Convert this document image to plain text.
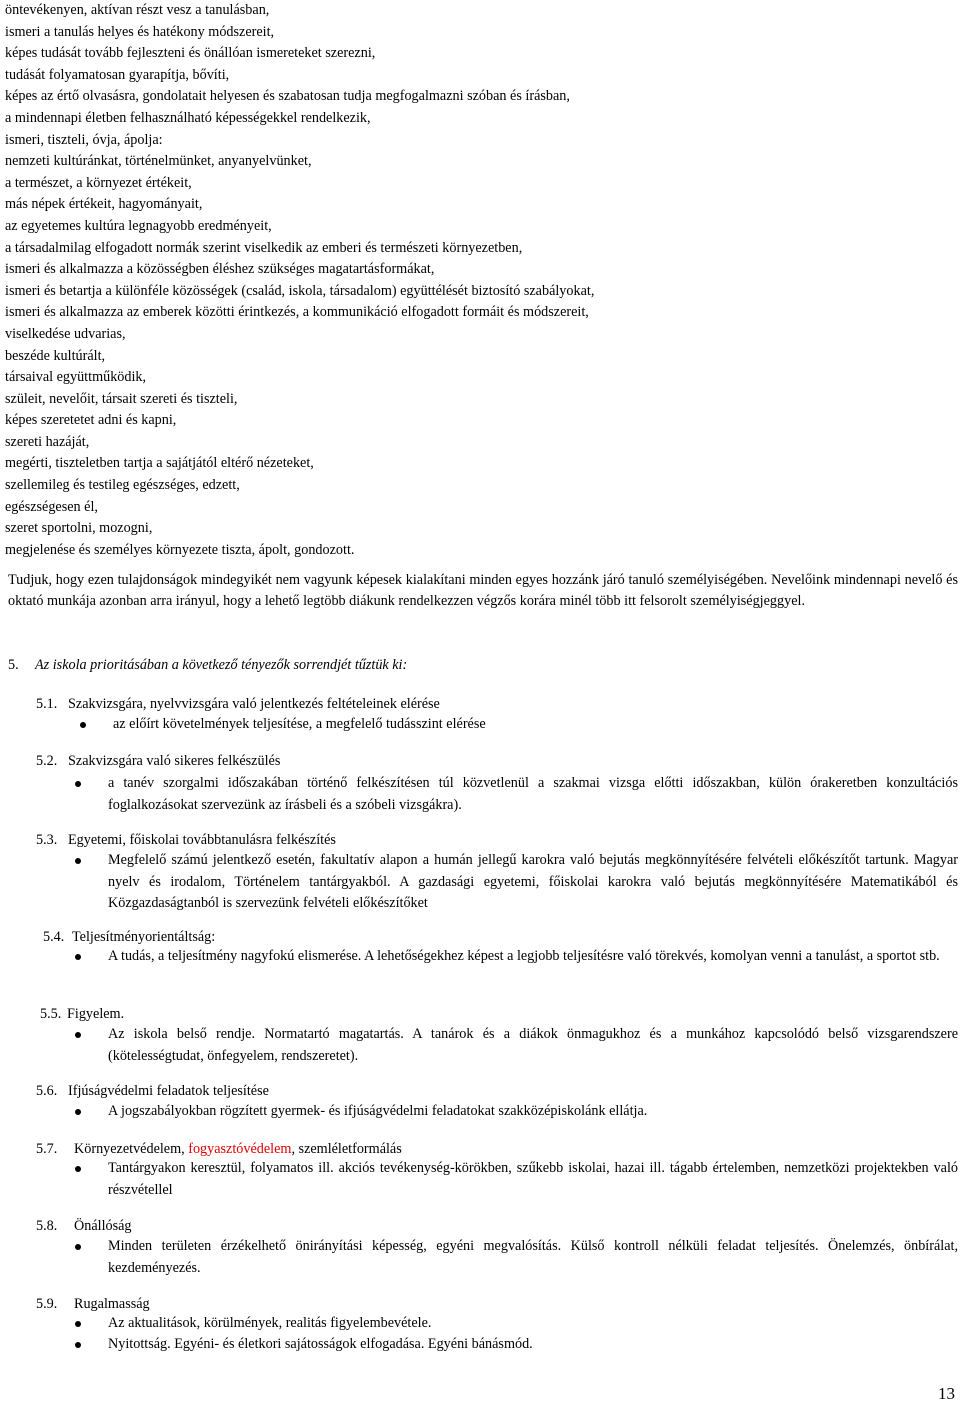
öntevékenyen, aktívan részt vesz a tanulásban,
ismeri a tanulás helyes és hatékony módszereit,
képes tudását tovább fejleszteni és önállóan ismereteket szerezni,
tudását folyamatosan gyarapítja, bővíti,
képes az értő olvasásra, gondolatait helyesen és szabatosan tudja megfogalmazni szóban és írásban,
a mindennapi életben felhasználható képességekkel rendelkezik,
ismeri, tiszteli, óvja, ápolja:
nemzeti kultúránkat, történelmünket, anyanyelvünket,
a természet, a környezet értékeit,
más népek értékeit, hagyományait,
az egyetemes kultúra legnagyobb eredményeit,
a társadalmilag elfogadott normák szerint viselkedik az emberi és természeti környezetben,
ismeri és alkalmazza a közösségben éléshez szükséges magatartásformákat,
ismeri és betartja a különféle közösségek (család, iskola, társadalom) együttélését biztosító szabályokat,
ismeri és alkalmazza az emberek közötti érintkezés, a kommunikáció elfogadott formáit és módszereit,
viselkedése udvarias,
beszéde kultúrált,
társaival együttműködik,
szüleit, nevelőit, társait szereti és tiszteli,
képes szeretetet adni és kapni,
szereti hazáját,
megérti, tiszteletben tartja a sajátjától eltérő nézeteket,
szellemileg és testileg egészséges, edzett,
egészségesen él,
szeret sportolni, mozogni,
megjelenése és személyes környezete tiszta, ápolt, gondozott.
Tudjuk, hogy ezen tulajdonságok mindegyikét nem vagyunk képesek kialakítani minden egyes hozzánk járó tanuló személyiségében. Nevelőink mindennapi nevelő és oktató munkája azonban arra irányul, hogy a lehető legtöbb diákunk rendelkezzen végzős korára minél több itt felsorolt személyiségjeggyel.
5. Az iskola prioritásában a következő tényezők sorrendjét tűztük ki:
5.1. Szakvizsgára, nyelvvizsgára való jelentkezés feltételeinek elérése
az előírt követelmények teljesítése, a megfelelő tudásszint elérése
5.2. Szakvizsgára való sikeres felkészülés
a tanév szorgalmi időszakában történő felkészítésen túl közvetlenül a szakmai vizsga előtti időszakban, külön órakeretben konzultációs foglalkozásokat szervezünk az írásbeli és a szóbeli vizsgákra).
5.3. Egyetemi, főiskolai továbbtanulásra felkészítés
Megfelelő számú jelentkező esetén, fakultatív alapon a humán jellegű karokra való bejutás megkönnyítésére felvételi előkészítőt tartunk. Magyar nyelv és irodalom, Történelem tantárgyakból. A gazdasági egyetemi, főiskolai karokra való bejutás megkönnyítésére Matematikából és Közgazdaságtanból is szervezünk felvételi előkészítőket
5.4. Teljesítményorientáltság:
A tudás, a teljesítmény nagyfokú elismerése. A lehetőségekhez képest a legjobb teljesítésre való törekvés, komolyan venni a tanulást, a sportot stb.
5.5. Figyelem.
Az iskola belső rendje. Normatartó magatartás. A tanárok és a diákok önmagukhoz és a munkához kapcsolódó belső vizsgarendszere (kötelességtudat, önfegyelem, rendszeretet).
5.6. Ifjúságvédelmi feladatok teljesítése
A jogszabályokban rögzített gyermek- és ifjúságvédelmi feladatokat szakközépiskolánk ellátja.
5.7. Környezetvédelem, fogyasztóvédelem, szemléletformálás
Tantárgyakon keresztül, folyamatos ill. akciós tevékenység-körökben, szűkebb iskolai, hazai ill. tágabb értelemben, nemzetközi projektekben való részvétellel
5.8. Önállóság
Minden területen érzékelhető önirányítási képesség, egyéni megvalósítás. Külső kontroll nélküli feladat teljesítés. Önelemzés, önbírálat, kezdeményezés.
5.9. Rugalmasság
Az aktualitások, körülmények, realitás figyelembevétele.
Nyitottság. Egyéni- és életkori sajátosságok elfogadása. Egyéni bánásmód.
13
